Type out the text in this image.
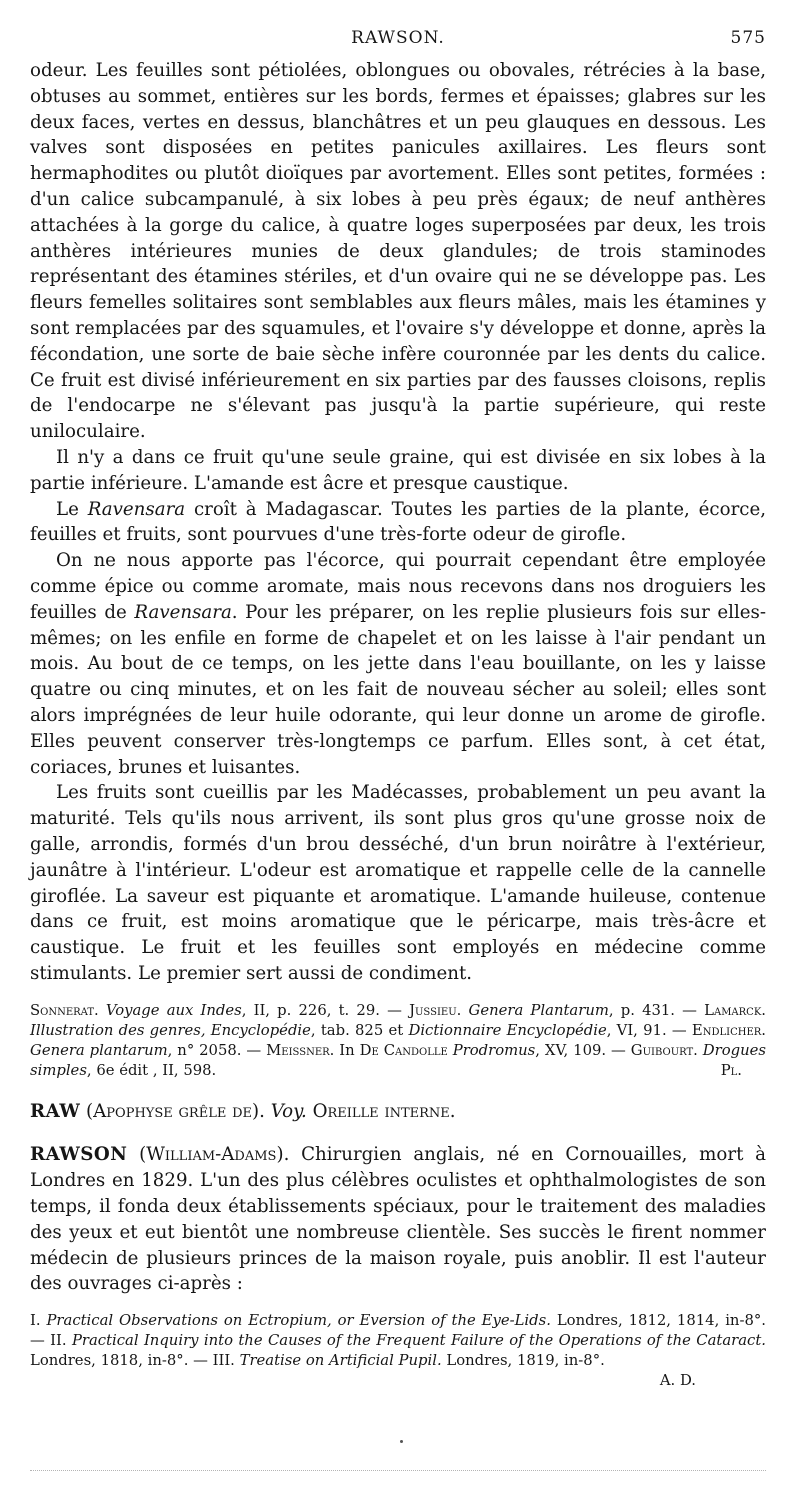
RAWSON.	575

odeur. Les feuilles sont pétiolées, oblongues ou obovales, rétrécies à la base, obtuses au sommet, entières sur les bords, fermes et épaisses; glabres sur les deux faces, vertes en dessus, blanchâtres et un peu glauques en dessous. Les valves sont disposées en petites panicules axillaires. Les fleurs sont hermaphodites ou plutôt dioïques par avortement. Elles sont petites, formées : d'un calice subcampanulé, à six lobes à peu près égaux; de neuf anthères attachées à la gorge du calice, à quatre loges superposées par deux, les trois anthères intérieures munies de deux glandules; de trois staminodes représentant des étamines stériles, et d'un ovaire qui ne se développe pas. Les fleurs femelles solitaires sont semblables aux fleurs mâles, mais les étamines y sont remplacées par des squamules, et l'ovaire s'y développe et donne, après la fécondation, une sorte de baie sèche infère couronnée par les dents du calice. Ce fruit est divisé inférieurement en six parties par des fausses cloisons, replis de l'endocarpe ne s'élevant pas jusqu'à la partie supérieure, qui reste uniloculaire.

Il n'y a dans ce fruit qu'une seule graine, qui est divisée en six lobes à la partie inférieure. L'amande est âcre et presque caustique.

Le Ravensara croît à Madagascar. Toutes les parties de la plante, écorce, feuilles et fruits, sont pourvues d'une très-forte odeur de girofle.

On ne nous apporte pas l'écorce, qui pourrait cependant être employée comme épice ou comme aromate, mais nous recevons dans nos droguiers les feuilles de Ravensara. Pour les préparer, on les replie plusieurs fois sur elles-mêmes; on les enfile en forme de chapelet et on les laisse à l'air pendant un mois. Au bout de ce temps, on les jette dans l'eau bouillante, on les y laisse quatre ou cinq minutes, et on les fait de nouveau sécher au soleil; elles sont alors imprégnées de leur huile odorante, qui leur donne un arome de girofle. Elles peuvent conserver très-longtemps ce parfum. Elles sont, à cet état, coriaces, brunes et luisantes.

Les fruits sont cueillis par les Madécasses, probablement un peu avant la maturité. Tels qu'ils nous arrivent, ils sont plus gros qu'une grosse noix de galle, arrondis, formés d'un brou desséché, d'un brun noirâtre à l'extérieur, jaunâtre à l'intérieur. L'odeur est aromatique et rappelle celle de la cannelle giroflée. La saveur est piquante et aromatique. L'amande huileuse, contenue dans ce fruit, est moins aromatique que le péricarpe, mais très-âcre et caustique. Le fruit et les feuilles sont employés en médecine comme stimulants. Le premier sert aussi de condiment.

Sonnerat. Voyage aux Indes, II, p. 226, t. 29. — Jussieu. Genera Plantarum, p. 431. — Lamarck. Illustration des genres, Encyclopédie, tab. 825 et Dictionnaire Encyclopédie, VI, 91. — Endlicher. Genera plantarum, n° 2058. — Meissner. In De Candolle Prodromus, XV, 109. — Guibourt. Drogues simples, 6e édit , II, 598.	Pl.

RAW (Apophyse grêle de). Voy. Oreille interne.

RAWSON (William-Adams). Chirurgien anglais, né en Cornouailles, mort à Londres en 1829. L'un des plus célèbres oculistes et ophthalmologistes de son temps, il fonda deux établissements spéciaux, pour le traitement des maladies des yeux et eut bientôt une nombreuse clientèle. Ses succès le firent nommer médecin de plusieurs princes de la maison royale, puis anoblir. Il est l'auteur des ouvrages ci-après :

I. Practical Observations on Ectropium, or Eversion of the Eye-Lids. Londres, 1812, 1814, in-8°. — II. Practical Inquiry into the Causes of the Frequent Failure of the Operations of the Cataract. Londres, 1818, in-8°. — III. Treatise on Artificial Pupil. Londres, 1819, in-8°.
A. D.
